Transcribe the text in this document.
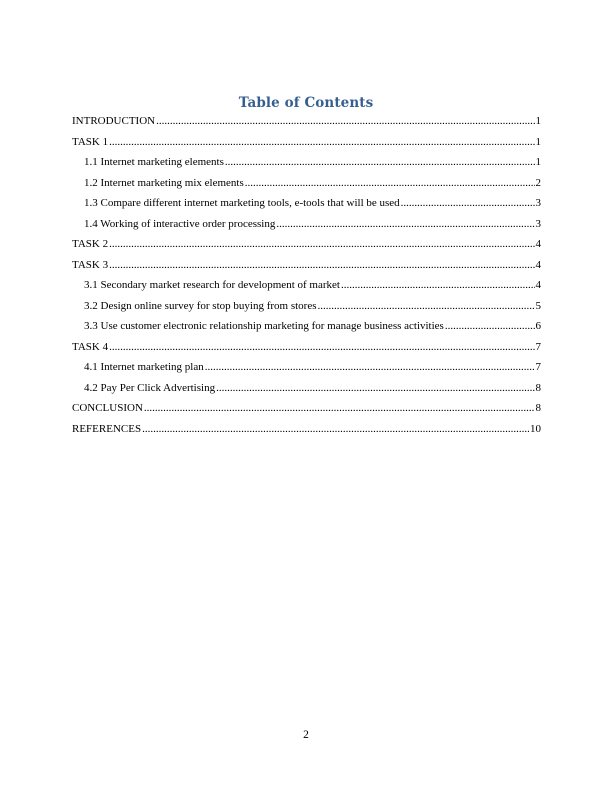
Table of Contents
INTRODUCTION .....	1
TASK 1 .....	1
1.1 Internet marketing elements .....	1
1.2 Internet marketing mix elements .....	2
1.3 Compare different internet marketing tools, e-tools that will be used .....	3
1.4 Working of interactive order processing .....	3
TASK 2 .....	4
TASK 3 .....	4
3.1 Secondary market research for development of market .....	4
3.2 Design online survey for stop buying from stores .....	5
3.3 Use customer electronic relationship marketing for manage business activities .....	6
TASK 4 .....	7
4.1 Internet marketing plan .....	7
4.2 Pay Per Click Advertising .....	8
CONCLUSION .....	8
REFERENCES .....	10
2
